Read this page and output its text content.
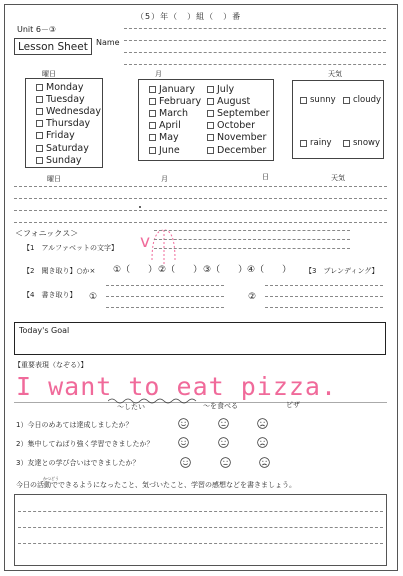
Unit 6－③
Lesson Sheet	Name
（5）年（　）組（　）番
曜日	月	天気
Monday
Tuesday
Wednesday
Thursday
Friday
Saturday
Sunday
January
February
March
April
May
June
July
August
September
October
November
December
sunny cloudy
rainy	snowy
曜日	月	日	天気
＜フォニックス＞
【1　アルファベットの文字】 v
【2　聞き取り】○か× ①（　　） ②（　　） ③（　　） ④（　　） 【3　ブレンディング】
【4　書き取り】 ①	②
Today's Goal
【重要表現（なぞる）】
I want to eat pizza.
～したい	～を食べる	ピザ
1）今日のめあては達成しましたか？
2）集中してねばり強く学習できましたか？
3）友達との学び合いはできましたか？
かつどう
今日の活動でできるようになったこと、気づいたこと、学習の感想などを書きましょう。
